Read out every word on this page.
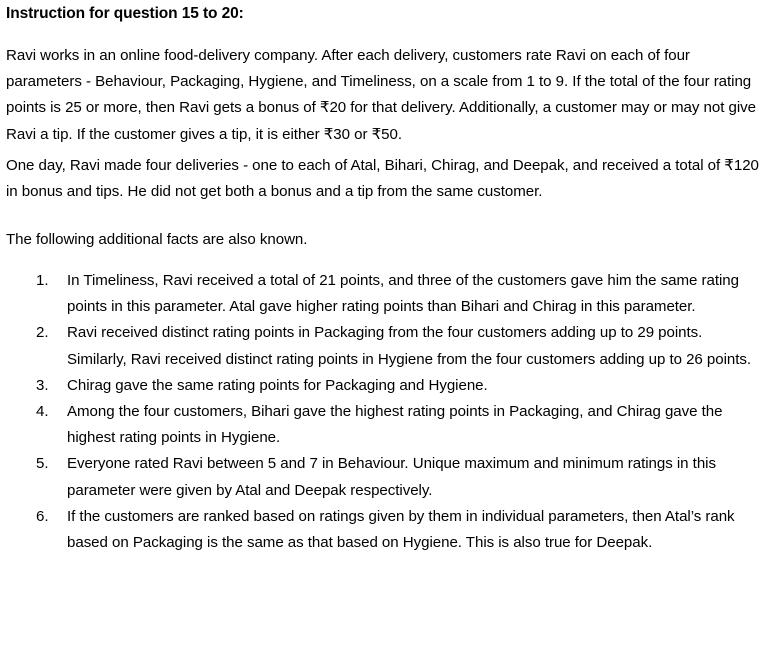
Instruction for question 15 to 20:
Ravi works in an online food-delivery company. After each delivery, customers rate Ravi on each of four parameters - Behaviour, Packaging, Hygiene, and Timeliness, on a scale from 1 to 9. If the total of the four rating points is 25 or more, then Ravi gets a bonus of ₹20 for that delivery. Additionally, a customer may or may not give Ravi a tip. If the customer gives a tip, it is either ₹30 or ₹50.
One day, Ravi made four deliveries - one to each of Atal, Bihari, Chirag, and Deepak, and received a total of ₹120 in bonus and tips. He did not get both a bonus and a tip from the same customer.
The following additional facts are also known.
1. In Timeliness, Ravi received a total of 21 points, and three of the customers gave him the same rating points in this parameter. Atal gave higher rating points than Bihari and Chirag in this parameter.
2. Ravi received distinct rating points in Packaging from the four customers adding up to 29 points. Similarly, Ravi received distinct rating points in Hygiene from the four customers adding up to 26 points.
3. Chirag gave the same rating points for Packaging and Hygiene.
4. Among the four customers, Bihari gave the highest rating points in Packaging, and Chirag gave the highest rating points in Hygiene.
5. Everyone rated Ravi between 5 and 7 in Behaviour. Unique maximum and minimum ratings in this parameter were given by Atal and Deepak respectively.
6. If the customers are ranked based on ratings given by them in individual parameters, then Atal’s rank based on Packaging is the same as that based on Hygiene. This is also true for Deepak.
